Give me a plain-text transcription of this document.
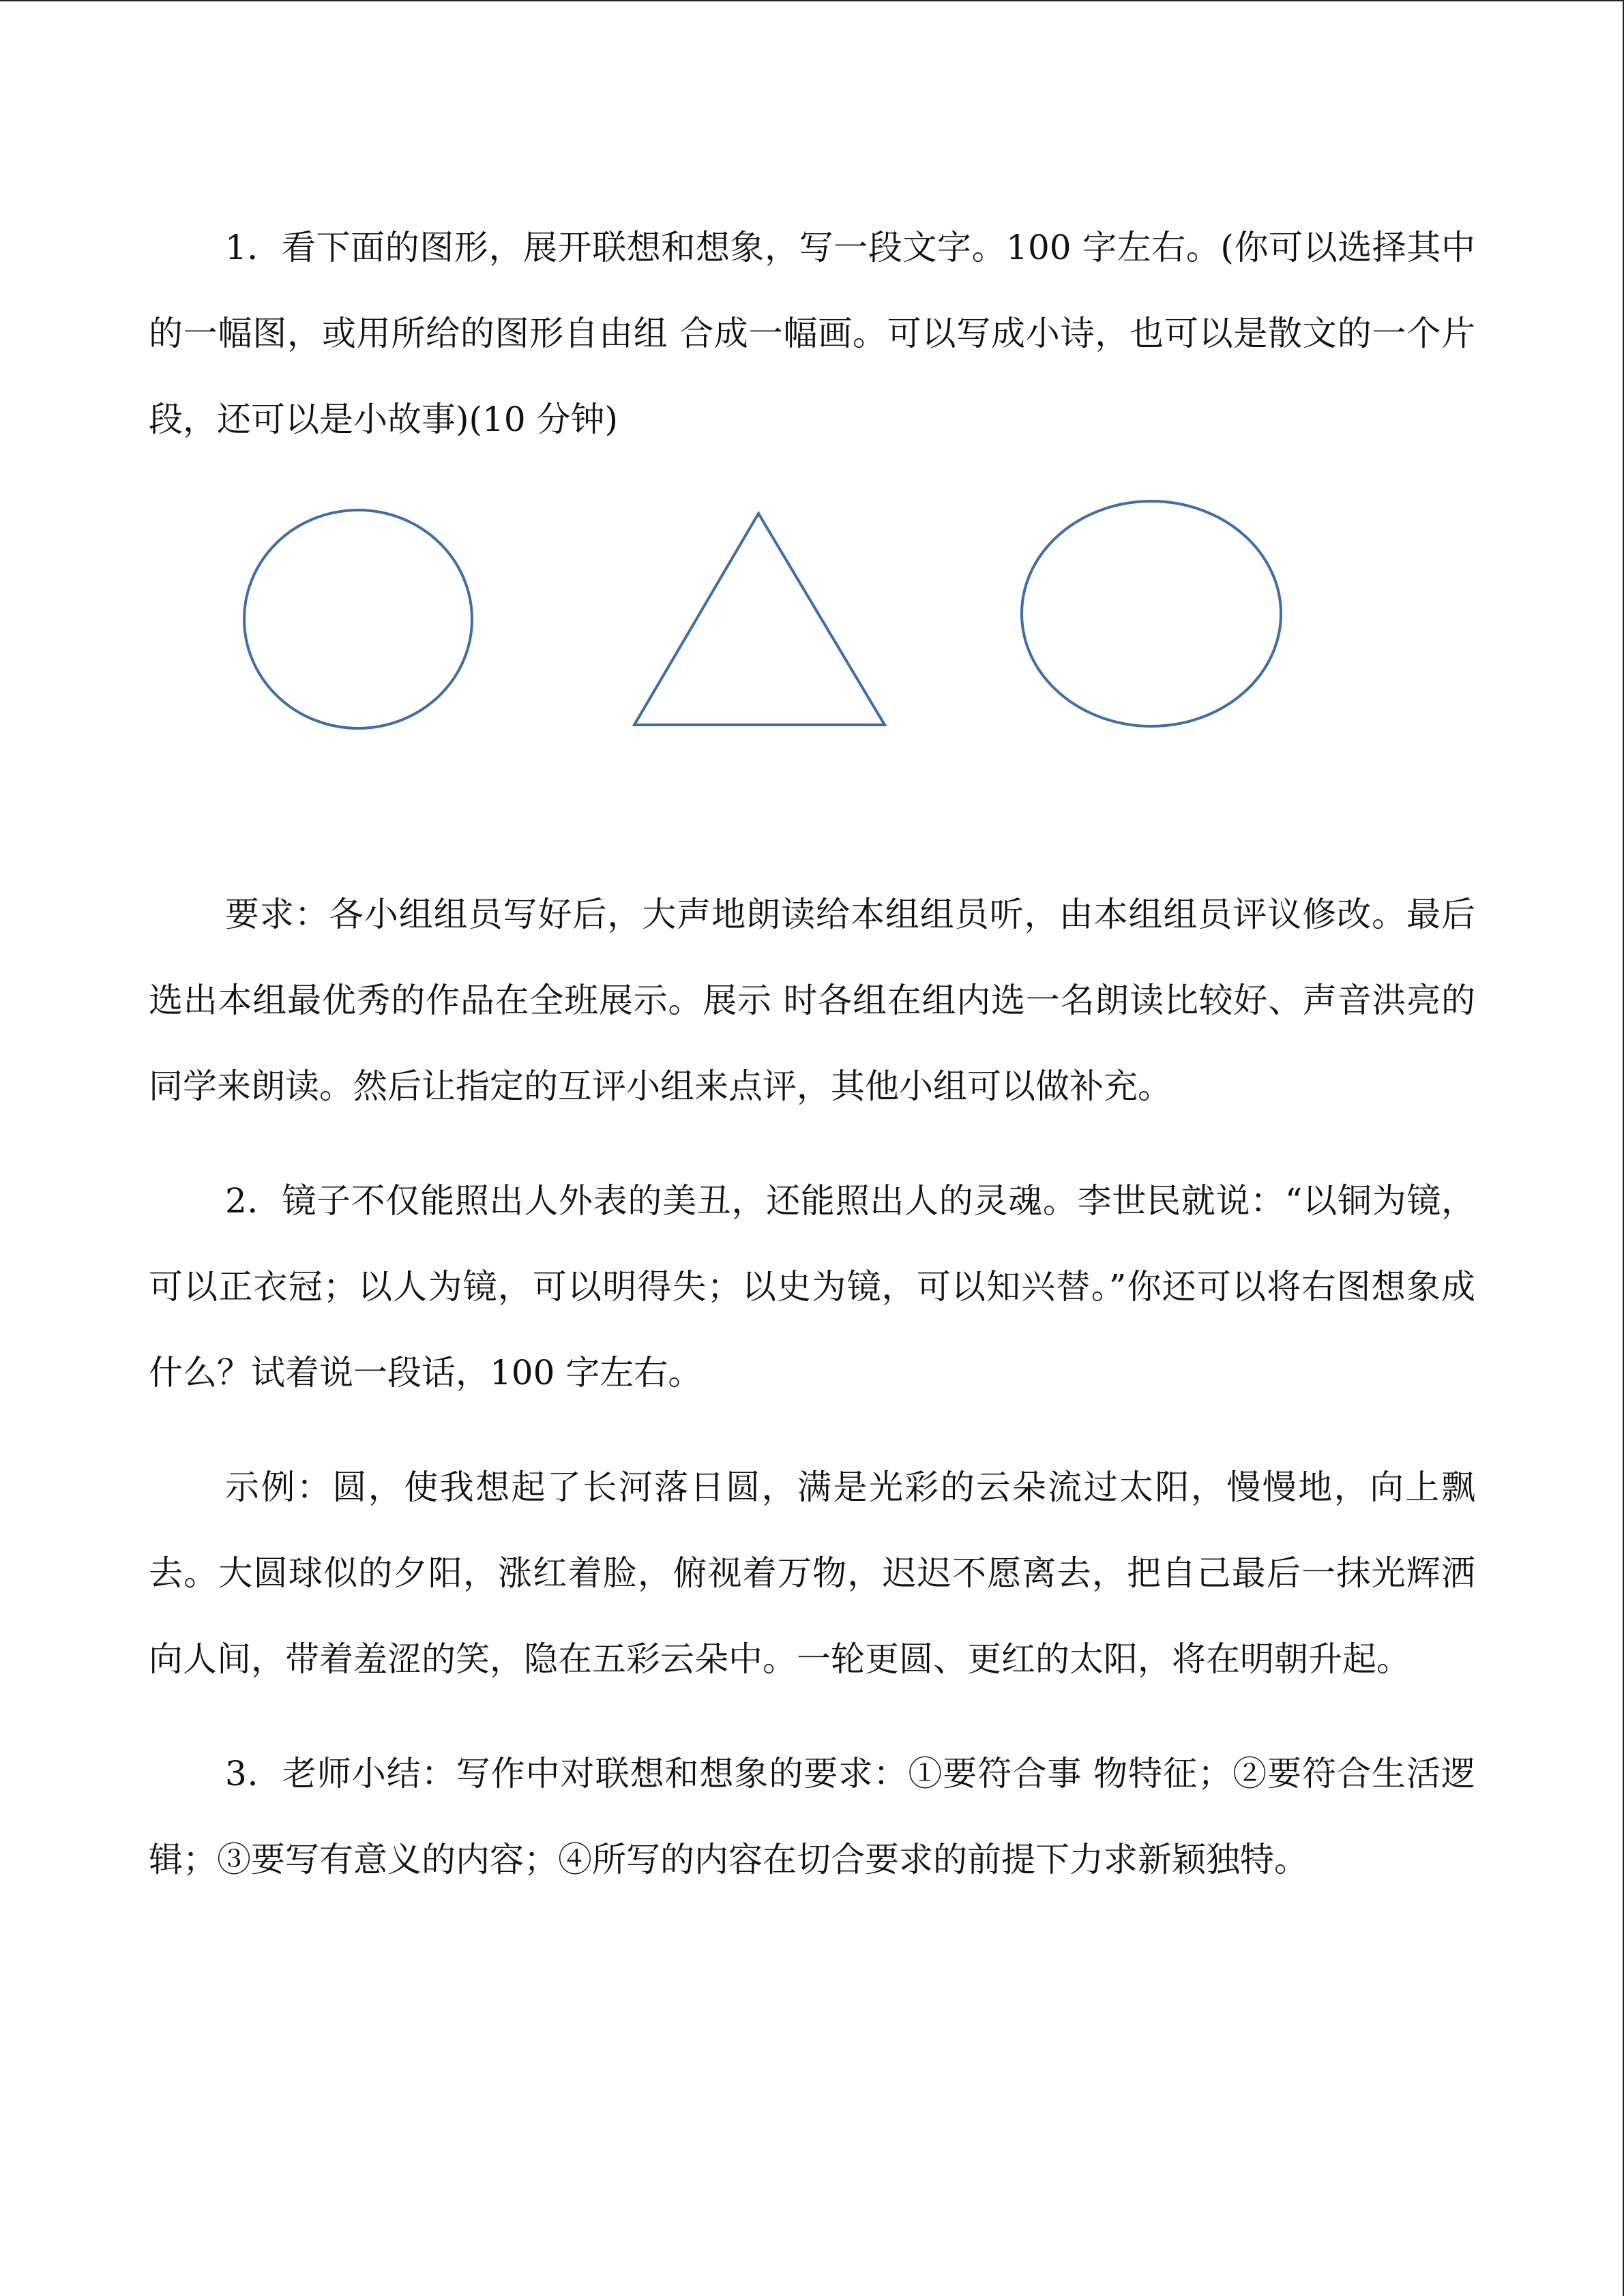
1．看下面的图形，展开联想和想象，写一段文字。100 字左右。(你可以选择其中的一幅图，或用所给的图形自由组 合成一幅画。可以写成小诗，也可以是散文的一个片段，还可以是小故事)(10 分钟)

要求：各小组组员写好后，大声地朗读给本组组员听，由本组组员评议修改。最后选出本组最优秀的作品在全班展示。展示 时各组在组内选一名朗读比较好、声音洪亮的同学来朗读。然后让指定的互评小组来点评，其他小组可以做补充。

2．镜子不仅能照出人外表的美丑，还能照出人的灵魂。李世民就说：“以铜为镜，可以正衣冠；以人为镜，可以明得失；以史为镜，可以知兴替。”你还可以将右图想象成什么？试着说一段话，100 字左右。

示例：圆，使我想起了长河落日圆，满是光彩的云朵流过太阳，慢慢地，向上飘去。大圆球似的夕阳，涨红着脸，俯视着万物，迟迟不愿离去，把自己最后一抹光辉洒向人间，带着羞涩的笑，隐在五彩云朵中。一轮更圆、更红的太阳，将在明朝升起。

3．老师小结：写作中对联想和想象的要求：①要符合事 物特征；②要符合生活逻辑；③要写有意义的内容；④所写的内容在切合要求的前提下力求新颖独特。
